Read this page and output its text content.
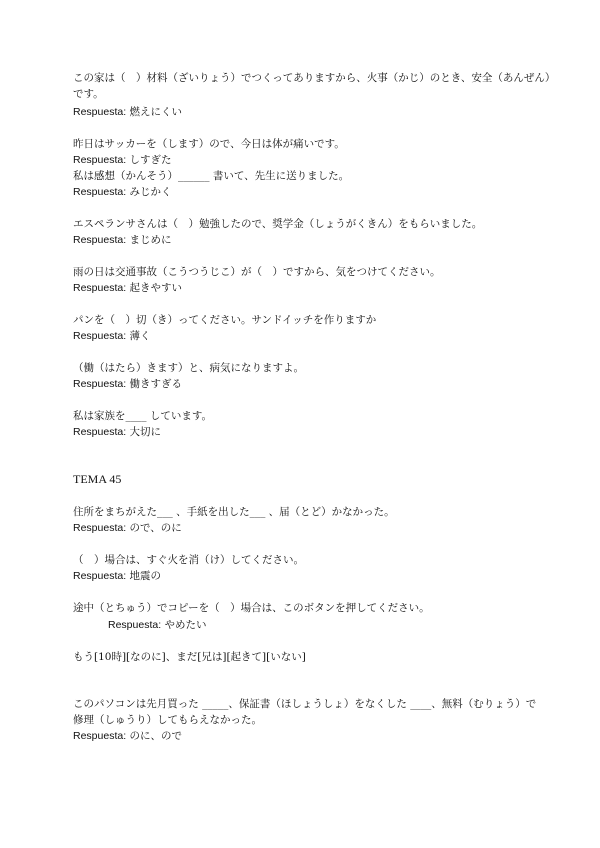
この家は（　）材料（ざいりょう）でつくってありますから、火事（かじ）のとき、安全（あんぜん）
です。
Respuesta: 燃えにくい
昨日はサッカーを（します）ので、今日は体が痛いです。
Respuesta: しすぎた
私は感想（かんそう）______ 書いて、先生に送りました。
Respuesta: みじかく
エスペランサさんは（　）勉強したので、奨学金（しょうがくきん）をもらいました。
Respuesta: まじめに
雨の日は交通事故（こうつうじこ）が（　）ですから、気をつけてください。
Respuesta: 起きやすい
パンを（　）切（き）ってください。サンドイッチを作りますか
Respuesta: 薄く
（働（はたら）きます）と、病気になりますよ。
Respuesta: 働きすぎる
私は家族を____ しています。
Respuesta: 大切に
TEMA 45
住所をまちがえた___ 、手紙を出した___ 、届（とど）かなかった。
Respuesta: ので、のに
（　）場合は、すぐ火を消（け）してください。
Respuesta: 地震の
途中（とちゅう）でコピーを（　）場合は、このボタンを押してください。
Respuesta: やめたい
もう[10時][なのに]、まだ[兄は][起きて][いない]
このパソコンは先月買った _____、保証書（ほしょうしょ）をなくした ____、無料（むりょう）で
修理（しゅうり）してもらえなかった。
Respuesta: のに、ので
